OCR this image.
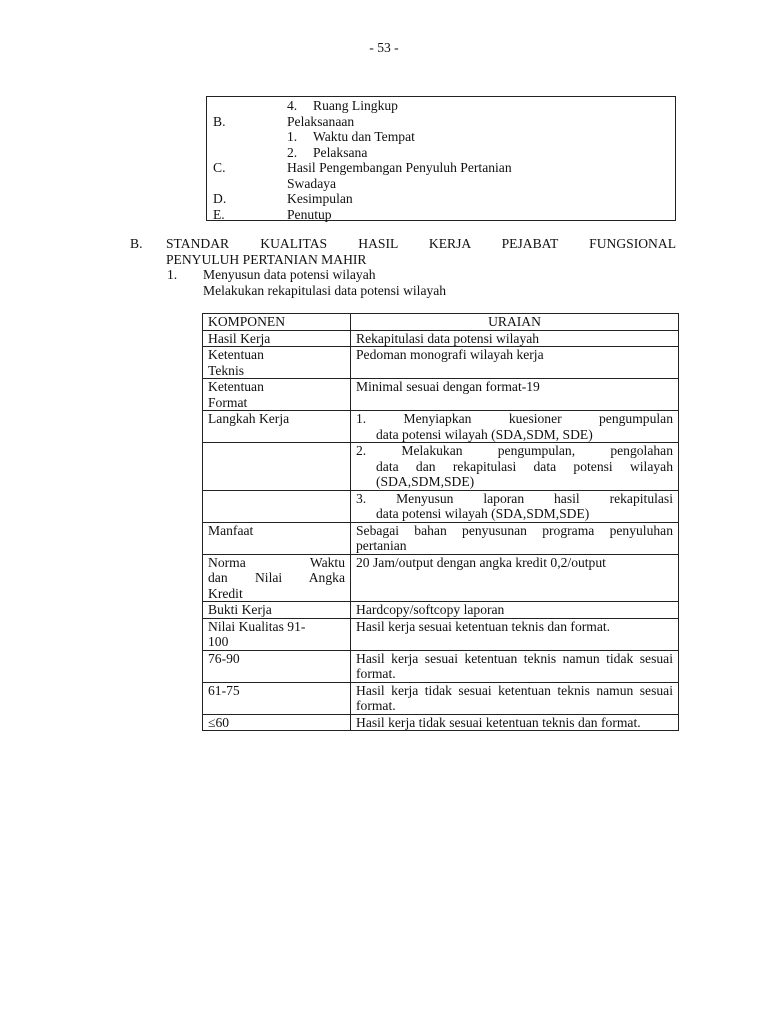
- 53 -
4. Ruang Lingkup
B.	Pelaksanaan
1. Waktu dan Tempat
2. Pelaksana
C.	Hasil Pengembangan Penyuluh Pertanian
Swadaya
D.	Kesimpulan
E.	Penutup
B. STANDAR KUALITAS HASIL KERJA PEJABAT FUNGSIONAL
PENYULUH PERTANIAN MAHIR
1. Menyusun data potensi wilayah
Melakukan rekapitulasi data potensi wilayah
KOMPONEN	URAIAN
Hasil Kerja	Rekapitulasi data potensi wilayah
Ketentuan Teknis	Pedoman monografi wilayah kerja
Ketentuan Format	Minimal sesuai dengan format-19
Langkah Kerja	1. Menyiapkan kuesioner pengumpulan
data potensi wilayah (SDA,SDM, SDE)

	2. Melakukan pengumpulan, pengolahan
data dan rekapitulasi data potensi wilayah (SDA,SDM,SDE)

	3. Menyusun laporan hasil rekapitulasi
data potensi wilayah (SDA,SDM,SDE)

Manfaat	Sebagai bahan penyusunan programa penyuluhan pertanian

Norma Waktu
dan Nilai Angka
Kredit	20 Jam/output dengan angka kredit 0,2/output
Bukti Kerja	Hardcopy/softcopy laporan
Nilai Kualitas 91-100	Hasil kerja sesuai ketentuan teknis dan format.
76-90	Hasil kerja sesuai ketentuan teknis namun tidak sesuai format.
61-75	Hasil kerja tidak sesuai ketentuan teknis namun sesuai format.
≤60	Hasil kerja tidak sesuai ketentuan teknis dan format.
